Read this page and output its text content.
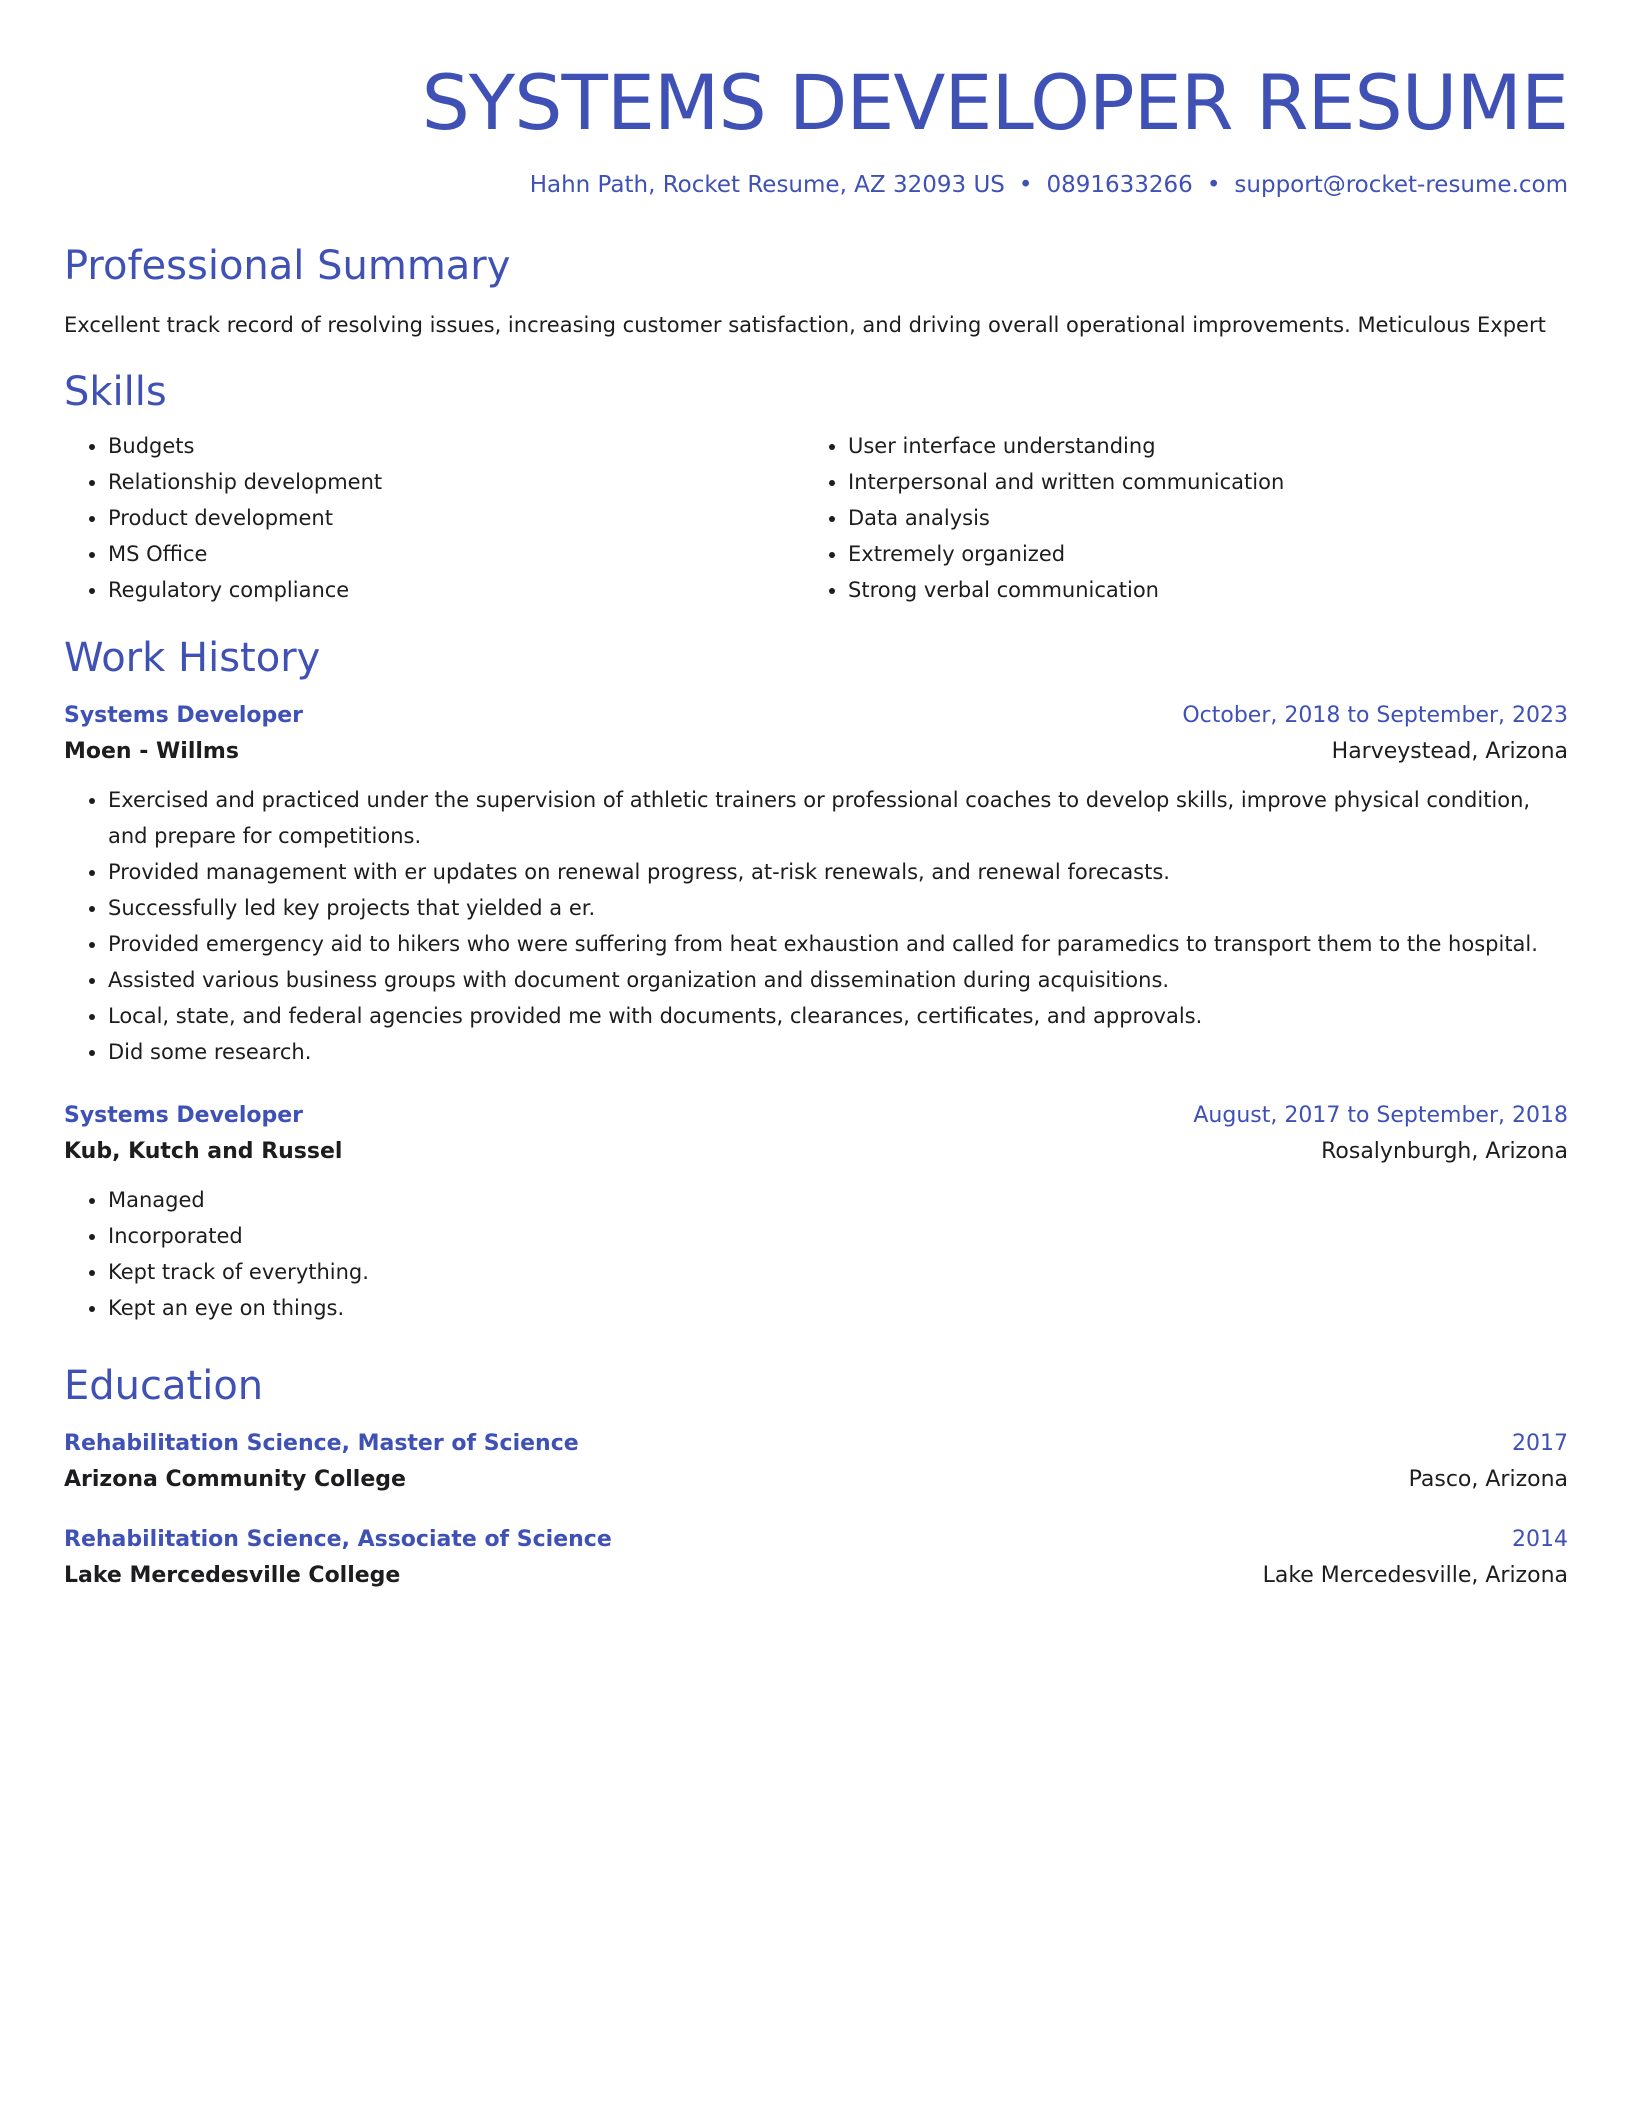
SYSTEMS DEVELOPER RESUME
Hahn Path, Rocket Resume, AZ 32093 US • 0891633266 • support@rocket-resume.com
Professional Summary
Excellent track record of resolving issues, increasing customer satisfaction, and driving overall operational improvements. Meticulous Expert
Skills
• Budgets
• Relationship development
• Product development
• MS Office
• Regulatory compliance
• User interface understanding
• Interpersonal and written communication
• Data analysis
• Extremely organized
• Strong verbal communication
Work History
Systems Developer	October, 2018 to September, 2023
Moen - Willms	Harveystead, Arizona
• Exercised and practiced under the supervision of athletic trainers or professional coaches to develop skills, improve physical condition, and prepare for competitions.
• Provided management with er updates on renewal progress, at-risk renewals, and renewal forecasts.
• Successfully led key projects that yielded a er.
• Provided emergency aid to hikers who were suffering from heat exhaustion and called for paramedics to transport them to the hospital.
• Assisted various business groups with document organization and dissemination during acquisitions.
• Local, state, and federal agencies provided me with documents, clearances, certificates, and approvals.
• Did some research.
Systems Developer	August, 2017 to September, 2018
Kub, Kutch and Russel	Rosalynburgh, Arizona
• Managed
• Incorporated
• Kept track of everything.
• Kept an eye on things.
Education
Rehabilitation Science, Master of Science	2017
Arizona Community College	Pasco, Arizona
Rehabilitation Science, Associate of Science	2014
Lake Mercedesville College	Lake Mercedesville, Arizona
